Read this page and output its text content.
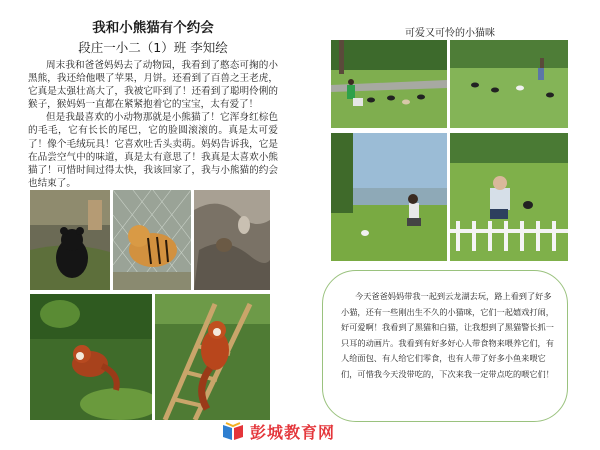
我和小熊猫有个约会
段庄一小二（1）班 李知绘

周末我和爸爸妈妈去了动物园，我看到了憨态可掬的小黑熊，我还给他喂了苹果，月饼。还看到了百兽之王老虎，它真是太强壮高大了，我被它吓到了！还看到了聪明伶俐的猴子，猴妈妈一直都在紧紧抱着它的宝宝，太有爱了！

但是我最喜欢的小动物那就是小熊猫了！它浑身红棕色的毛毛，它有长长的尾巴，它的脸圆滚滚的。真是太可爱了！像个毛绒玩具！它喜欢吐舌头卖萌。妈妈告诉我，它是在品尝空气中的味道，真是太有意思了！我真是太喜欢小熊猫了！可惜时间过得太快，我该回家了，我与小熊猫的约会也结束了。

可爱又可怜的小猫咪

今天爸爸妈妈带我一起到云龙湖去玩，路上看到了好多小猫，还有一些刚出生不久的小猫咪，它们一起嬉戏打闹，好可爱啊！我看到了黑猫和白猫，让我想到了黑猫警长抓一只耳的动画片。我看到有好多好心人带食物来喂养它们，有人给面包、有人给它们零食，也有人带了好多小鱼来喂它们，可惜我今天没带吃的，下次来我一定带点吃的喂它们！

彭城教育网
